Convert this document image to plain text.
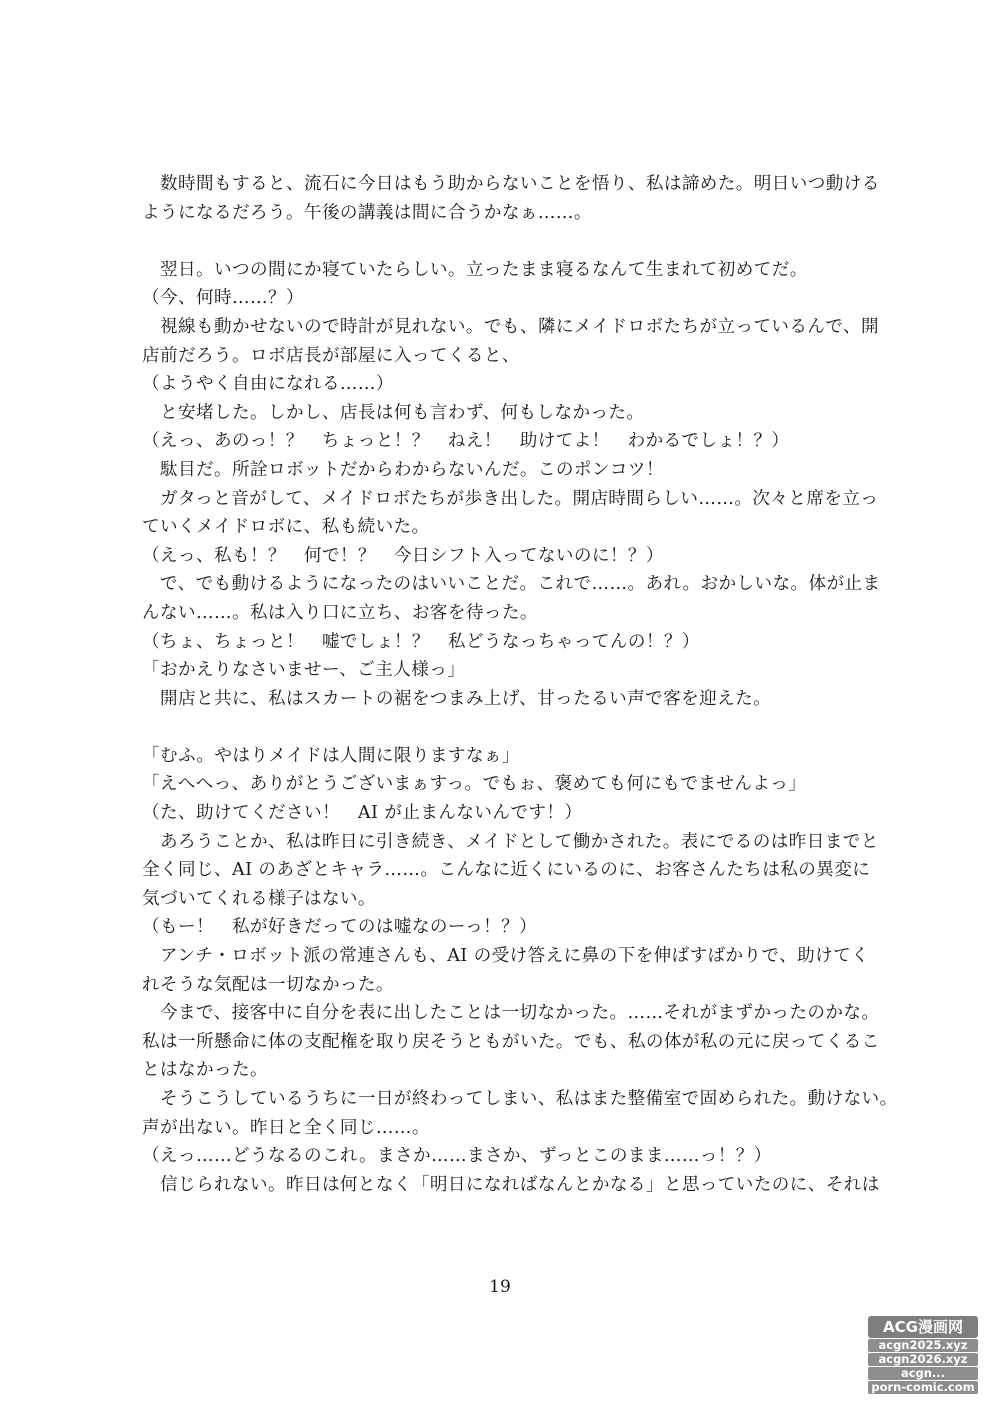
　数時間もすると、流石に今日はもう助からないことを悟り、私は諦めた。明日いつ動ける
ようになるだろう。午後の講義は間に合うかなぁ……。
　翌日。いつの間にか寝ていたらしい。立ったまま寝るなんて生まれて初めてだ。
（今、何時……？）
　視線も動かせないので時計が見れない。でも、隣にメイドロボたちが立っているんで、開
店前だろう。ロボ店長が部屋に入ってくると、
（ようやく自由になれる……）
　と安堵した。しかし、店長は何も言わず、何もしなかった。
（えっ、あのっ！？　ちょっと！？　ねえ！　助けてよ！　わかるでしょ！？）
　駄目だ。所詮ロボットだからわからないんだ。このポンコツ！
　ガタっと音がして、メイドロボたちが歩き出した。開店時間らしい……。次々と席を立っ
ていくメイドロボに、私も続いた。
（えっ、私も！？　何で！？　今日シフト入ってないのに！？）
　で、でも動けるようになったのはいいことだ。これで……。あれ。おかしいな。体が止ま
んない……。私は入り口に立ち、お客を待った。
（ちょ、ちょっと！　嘘でしょ！？　私どうなっちゃってんの！？）
「おかえりなさいませー、ご主人様っ」
　開店と共に、私はスカートの裾をつまみ上げ、甘ったるい声で客を迎えた。
「むふ。やはりメイドは人間に限りますなぁ」
「えへへっ、ありがとうございまぁすっ。でもぉ、褒めても何にもでませんよっ」
（た、助けてください！　AI が止まんないんです！）
　あろうことか、私は昨日に引き続き、メイドとして働かされた。表にでるのは昨日までと
全く同じ、AI のあざとキャラ……。こんなに近くにいるのに、お客さんたちは私の異変に
気づいてくれる様子はない。
（もー！　私が好きだってのは嘘なのーっ！？）
　アンチ・ロボット派の常連さんも、AI の受け答えに鼻の下を伸ばすばかりで、助けてく
れそうな気配は一切なかった。
　今まで、接客中に自分を表に出したことは一切なかった。……それがまずかったのかな。
私は一所懸命に体の支配権を取り戻そうともがいた。でも、私の体が私の元に戻ってくるこ
とはなかった。
　そうこうしているうちに一日が終わってしまい、私はまた整備室で固められた。動けない。
声が出ない。昨日と全く同じ……。
（えっ……どうなるのこれ。まさか……まさか、ずっとこのまま……っ！？）
　信じられない。昨日は何となく「明日になればなんとかなる」と思っていたのに、それは
19
ACG漫画网
acgn2025.xyz
acgn2026.xyz
acgn...
porn-comic.com
